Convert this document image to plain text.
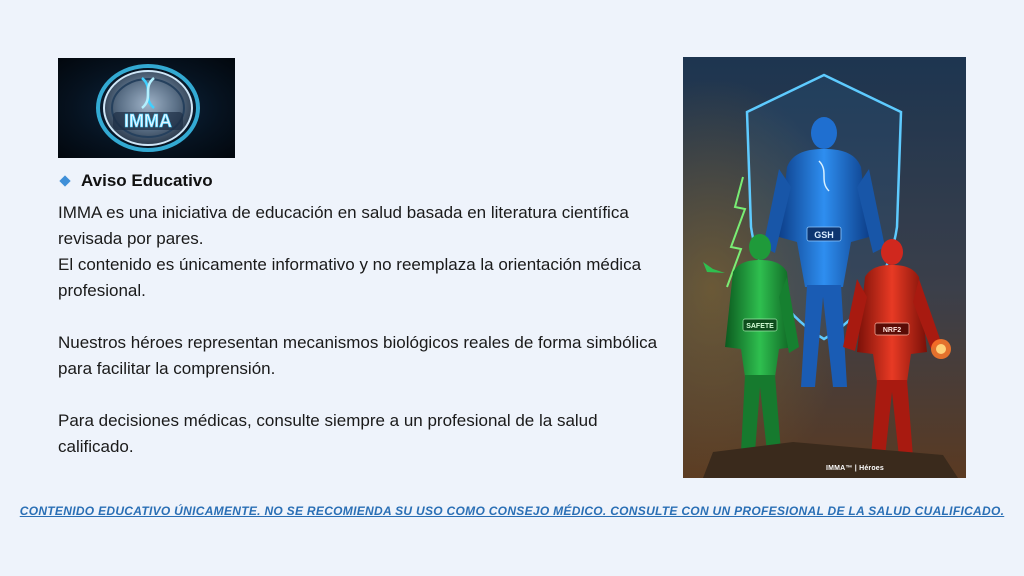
IMMA
Aviso Educativo

IMMA es una iniciativa de educación en salud basada en literatura científica revisada por pares.

El contenido es únicamente informativo y no reemplaza la orientación médica profesional.

Nuestros héroes representan mecanismos biológicos reales de forma simbólica para facilitar la comprensión.

Para decisiones médicas, consulte siempre a un profesional de la salud calificado.

GSH
SAFETE
NRF2
IMMA™ | Héroes
CONTENIDO EDUCATIVO ÚNICAMENTE. NO SE RECOMIENDA SU USO COMO CONSEJO MÉDICO. CONSULTE CON UN PROFESIONAL DE LA SALUD CUALIFICADO.
